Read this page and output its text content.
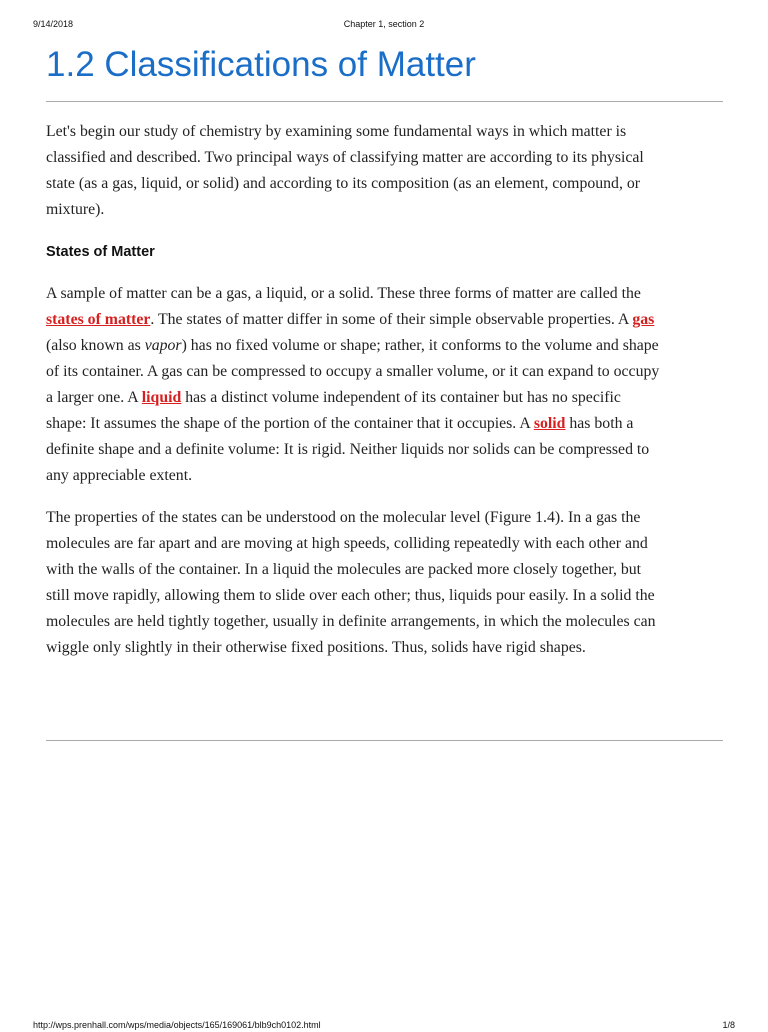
9/14/2018	Chapter 1, section 2
1.2 Classifications of Matter

Let's begin our study of chemistry by examining some fundamental ways in which matter is classified and described. Two principal ways of classifying matter are according to its physical state (as a gas, liquid, or solid) and according to its composition (as an element, compound, or mixture).

States of Matter

A sample of matter can be a gas, a liquid, or a solid. These three forms of matter are called the states of matter. The states of matter differ in some of their simple observable properties. A gas (also known as vapor) has no fixed volume or shape; rather, it conforms to the volume and shape of its container. A gas can be compressed to occupy a smaller volume, or it can expand to occupy a larger one. A liquid has a distinct volume independent of its container but has no specific shape: It assumes the shape of the portion of the container that it occupies. A solid has both a definite shape and a definite volume: It is rigid. Neither liquids nor solids can be compressed to any appreciable extent.

The properties of the states can be understood on the molecular level (Figure 1.4). In a gas the molecules are far apart and are moving at high speeds, colliding repeatedly with each other and with the walls of the container. In a liquid the molecules are packed more closely together, but still move rapidly, allowing them to slide over each other; thus, liquids pour easily. In a solid the molecules are held tightly together, usually in definite arrangements, in which the molecules can wiggle only slightly in their otherwise fixed positions. Thus, solids have rigid shapes.

http://wps.prenhall.com/wps/media/objects/165/169061/blb9ch0102.html	1/8
